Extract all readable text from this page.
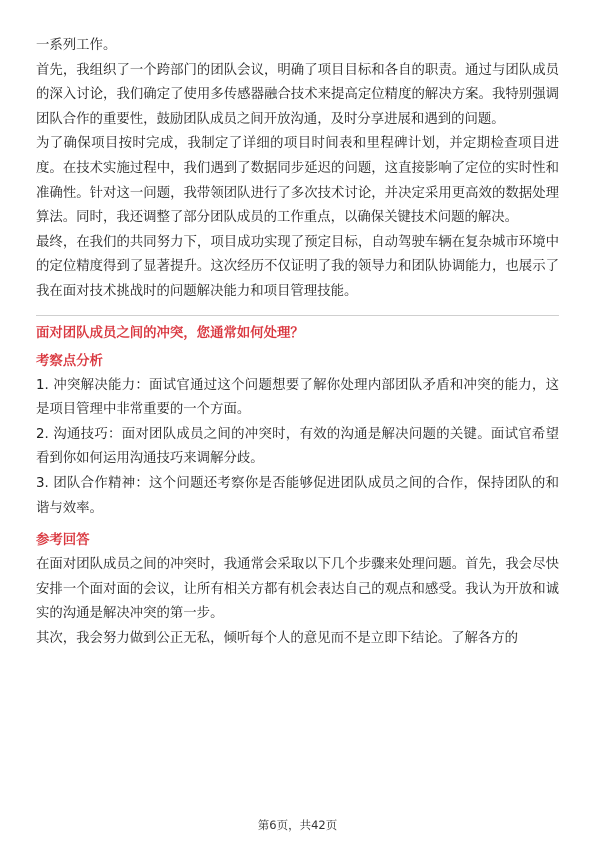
一系列工作。

首先，我组织了一个跨部门的团队会议，明确了项目目标和各自的职责。通过与团队成员的深入讨论，我们确定了使用多传感器融合技术来提高定位精度的解决方案。我特别强调团队合作的重要性，鼓励团队成员之间开放沟通，及时分享进展和遇到的问题。

为了确保项目按时完成，我制定了详细的项目时间表和里程碑计划，并定期检查项目进度。在技术实施过程中，我们遇到了数据同步延迟的问题，这直接影响了定位的实时性和准确性。针对这一问题，我带领团队进行了多次技术讨论，并决定采用更高效的数据处理算法。同时，我还调整了部分团队成员的工作重点，以确保关键技术问题的解决。

最终，在我们的共同努力下，项目成功实现了预定目标，自动驾驶车辆在复杂城市环境中的定位精度得到了显著提升。这次经历不仅证明了我的领导力和团队协调能力，也展示了我在面对技术挑战时的问题解决能力和项目管理技能。

面对团队成员之间的冲突，您通常如何处理？

考察点分析

1. 冲突解决能力：面试官通过这个问题想要了解你处理内部团队矛盾和冲突的能力，这是项目管理中非常重要的一个方面。

2. 沟通技巧：面对团队成员之间的冲突时，有效的沟通是解决问题的关键。面试官希望看到你如何运用沟通技巧来调解分歧。

3. 团队合作精神：这个问题还考察你是否能够促进团队成员之间的合作，保持团队的和谐与效率。

参考回答

在面对团队成员之间的冲突时，我通常会采取以下几个步骤来处理问题。首先，我会尽快安排一个面对面的会议，让所有相关方都有机会表达自己的观点和感受。我认为开放和诚实的沟通是解决冲突的第一步。

其次，我会努力做到公正无私，倾听每个人的意见而不是立即下结论。了解各方的

第6页，共42页
